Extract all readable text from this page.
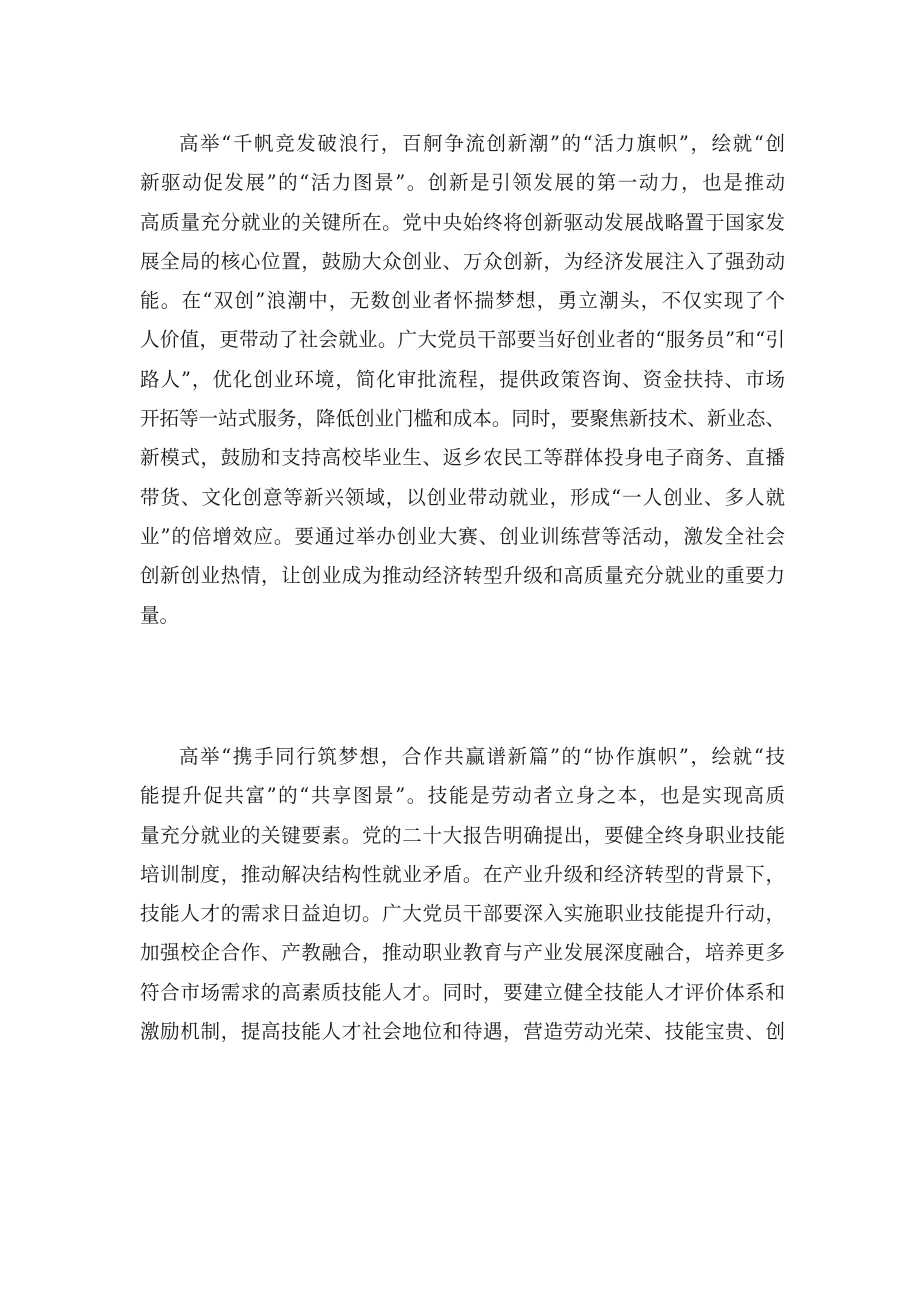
高举“千帆竞发破浪行，百舸争流创新潮”的“活力旗帜”，绘就“创
新驱动促发展”的“活力图景”。创新是引领发展的第一动力，也是推动
高质量充分就业的关键所在。党中央始终将创新驱动发展战略置于国家发
展全局的核心位置，鼓励大众创业、万众创新，为经济发展注入了强劲动
能。在“双创”浪潮中，无数创业者怀揣梦想，勇立潮头，不仅实现了个
人价值，更带动了社会就业。广大党员干部要当好创业者的“服务员”和“引
路人”，优化创业环境，简化审批流程，提供政策咨询、资金扶持、市场
开拓等一站式服务，降低创业门槛和成本。同时，要聚焦新技术、新业态、
新模式，鼓励和支持高校毕业生、返乡农民工等群体投身电子商务、直播
带货、文化创意等新兴领域，以创业带动就业，形成“一人创业、多人就
业”的倍增效应。要通过举办创业大赛、创业训练营等活动，激发全社会
创新创业热情，让创业成为推动经济转型升级和高质量充分就业的重要力
量。
高举“携手同行筑梦想，合作共赢谱新篇”的“协作旗帜”，绘就“技
能提升促共富”的“共享图景”。技能是劳动者立身之本，也是实现高质
量充分就业的关键要素。党的二十大报告明确提出，要健全终身职业技能
培训制度，推动解决结构性就业矛盾。在产业升级和经济转型的背景下，
技能人才的需求日益迫切。广大党员干部要深入实施职业技能提升行动，
加强校企合作、产教融合，推动职业教育与产业发展深度融合，培养更多
符合市场需求的高素质技能人才。同时，要建立健全技能人才评价体系和
激励机制，提高技能人才社会地位和待遇，营造劳动光荣、技能宝贵、创
